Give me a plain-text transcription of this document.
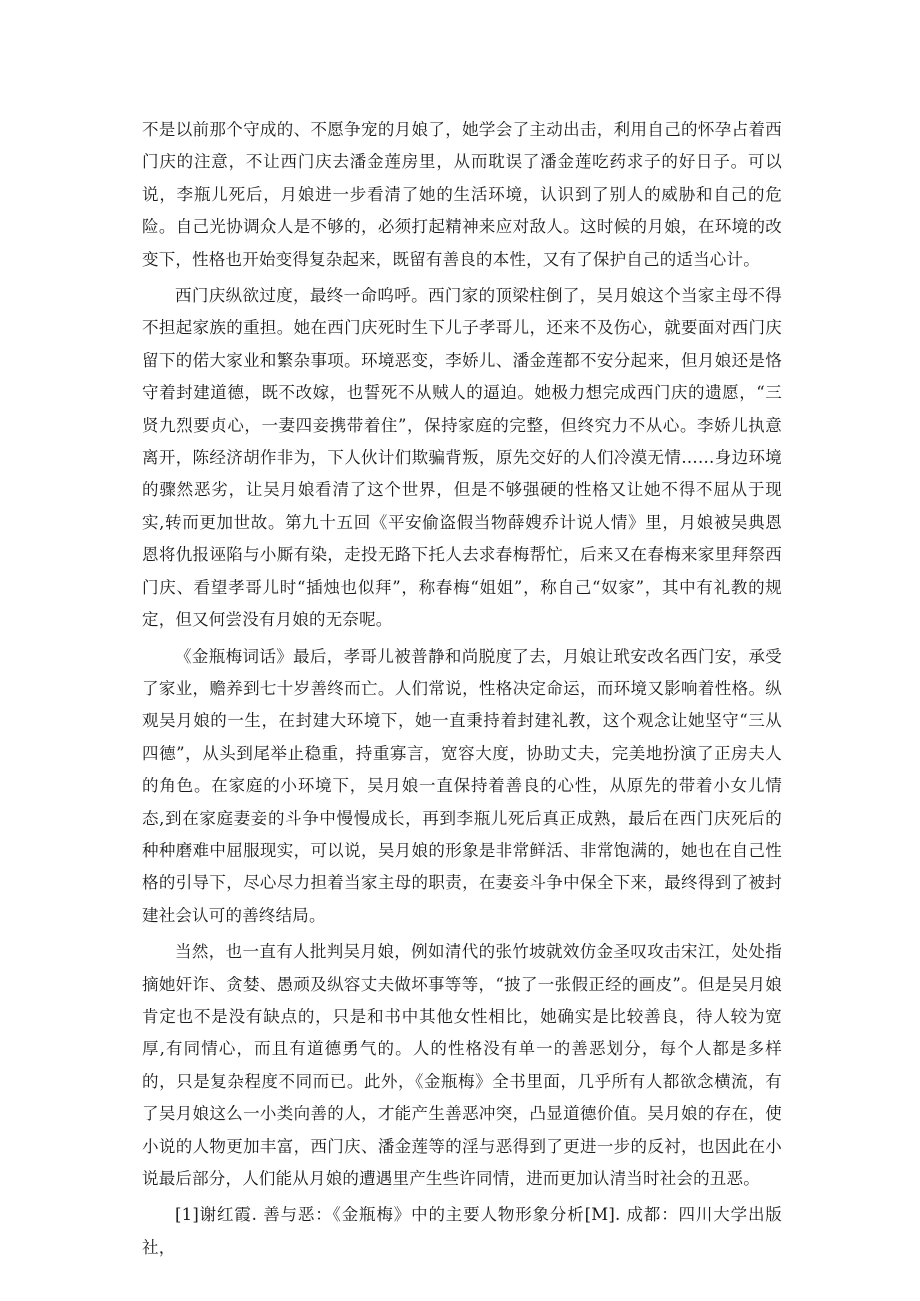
不是以前那个守成的、不愿争宠的月娘了，她学会了主动出击，利用自己的怀孕占着西门庆的注意，不让西门庆去潘金莲房里，从而耽误了潘金莲吃药求子的好日子。可以说，李瓶儿死后，月娘进一步看清了她的生活环境，认识到了别人的威胁和自己的危险。自己光协调众人是不够的，必须打起精神来应对敌人。这时候的月娘，在环境的改变下，性格也开始变得复杂起来，既留有善良的本性，又有了保护自己的适当心计。

西门庆纵欲过度，最终一命呜呼。西门家的顶梁柱倒了，吴月娘这个当家主母不得不担起家族的重担。她在西门庆死时生下儿子孝哥儿，还来不及伤心，就要面对西门庆留下的偌大家业和繁杂事项。环境恶变，李娇儿、潘金莲都不安分起来，但月娘还是恪守着封建道德，既不改嫁，也誓死不从贼人的逼迫。她极力想完成西门庆的遗愿，“三贤九烈要贞心，一妻四妾携带着住”，保持家庭的完整，但终究力不从心。李娇儿执意离开，陈经济胡作非为，下人伙计们欺骗背叛，原先交好的人们冷漠无情……身边环境的骤然恶劣，让吴月娘看清了这个世界，但是不够强硬的性格又让她不得不屈从于现实,转而更加世故。第九十五回《平安偷盗假当物薛嫂乔计说人情》里，月娘被吴典恩恩将仇报诬陷与小厮有染，走投无路下托人去求春梅帮忙，后来又在春梅来家里拜祭西门庆、看望孝哥儿时“插烛也似拜”，称春梅“姐姐”，称自己“奴家”，其中有礼教的规定，但又何尝没有月娘的无奈呢。

《金瓶梅词话》最后，孝哥儿被普静和尚脱度了去，月娘让玳安改名西门安，承受了家业，赡养到七十岁善终而亡。人们常说，性格决定命运，而环境又影响着性格。纵观吴月娘的一生，在封建大环境下，她一直秉持着封建礼教，这个观念让她坚守“三从四德”，从头到尾举止稳重，持重寡言，宽容大度，协助丈夫，完美地扮演了正房夫人的角色。在家庭的小环境下，吴月娘一直保持着善良的心性，从原先的带着小女儿情态,到在家庭妻妾的斗争中慢慢成长，再到李瓶儿死后真正成熟，最后在西门庆死后的种种磨难中屈服现实，可以说，吴月娘的形象是非常鲜活、非常饱满的，她也在自己性格的引导下，尽心尽力担着当家主母的职责，在妻妾斗争中保全下来，最终得到了被封建社会认可的善终结局。

当然，也一直有人批判吴月娘，例如清代的张竹坡就效仿金圣叹攻击宋江，处处指摘她奸诈、贪婪、愚顽及纵容丈夫做坏事等等，“披了一张假正经的画皮”。但是吴月娘肯定也不是没有缺点的，只是和书中其他女性相比，她确实是比较善良，待人较为宽厚,有同情心，而且有道德勇气的。人的性格没有单一的善恶划分，每个人都是多样的，只是复杂程度不同而已。此外，《金瓶梅》全书里面，几乎所有人都欲念横流，有了吴月娘这么一小类向善的人，才能产生善恶冲突，凸显道德价值。吴月娘的存在，使小说的人物更加丰富，西门庆、潘金莲等的淫与恶得到了更进一步的反衬，也因此在小说最后部分，人们能从月娘的遭遇里产生些许同情，进而更加认清当时社会的丑恶。

[1]谢红霞. 善与恶：《金瓶梅》中的主要人物形象分析[M]. 成都：四川大学出版社，
